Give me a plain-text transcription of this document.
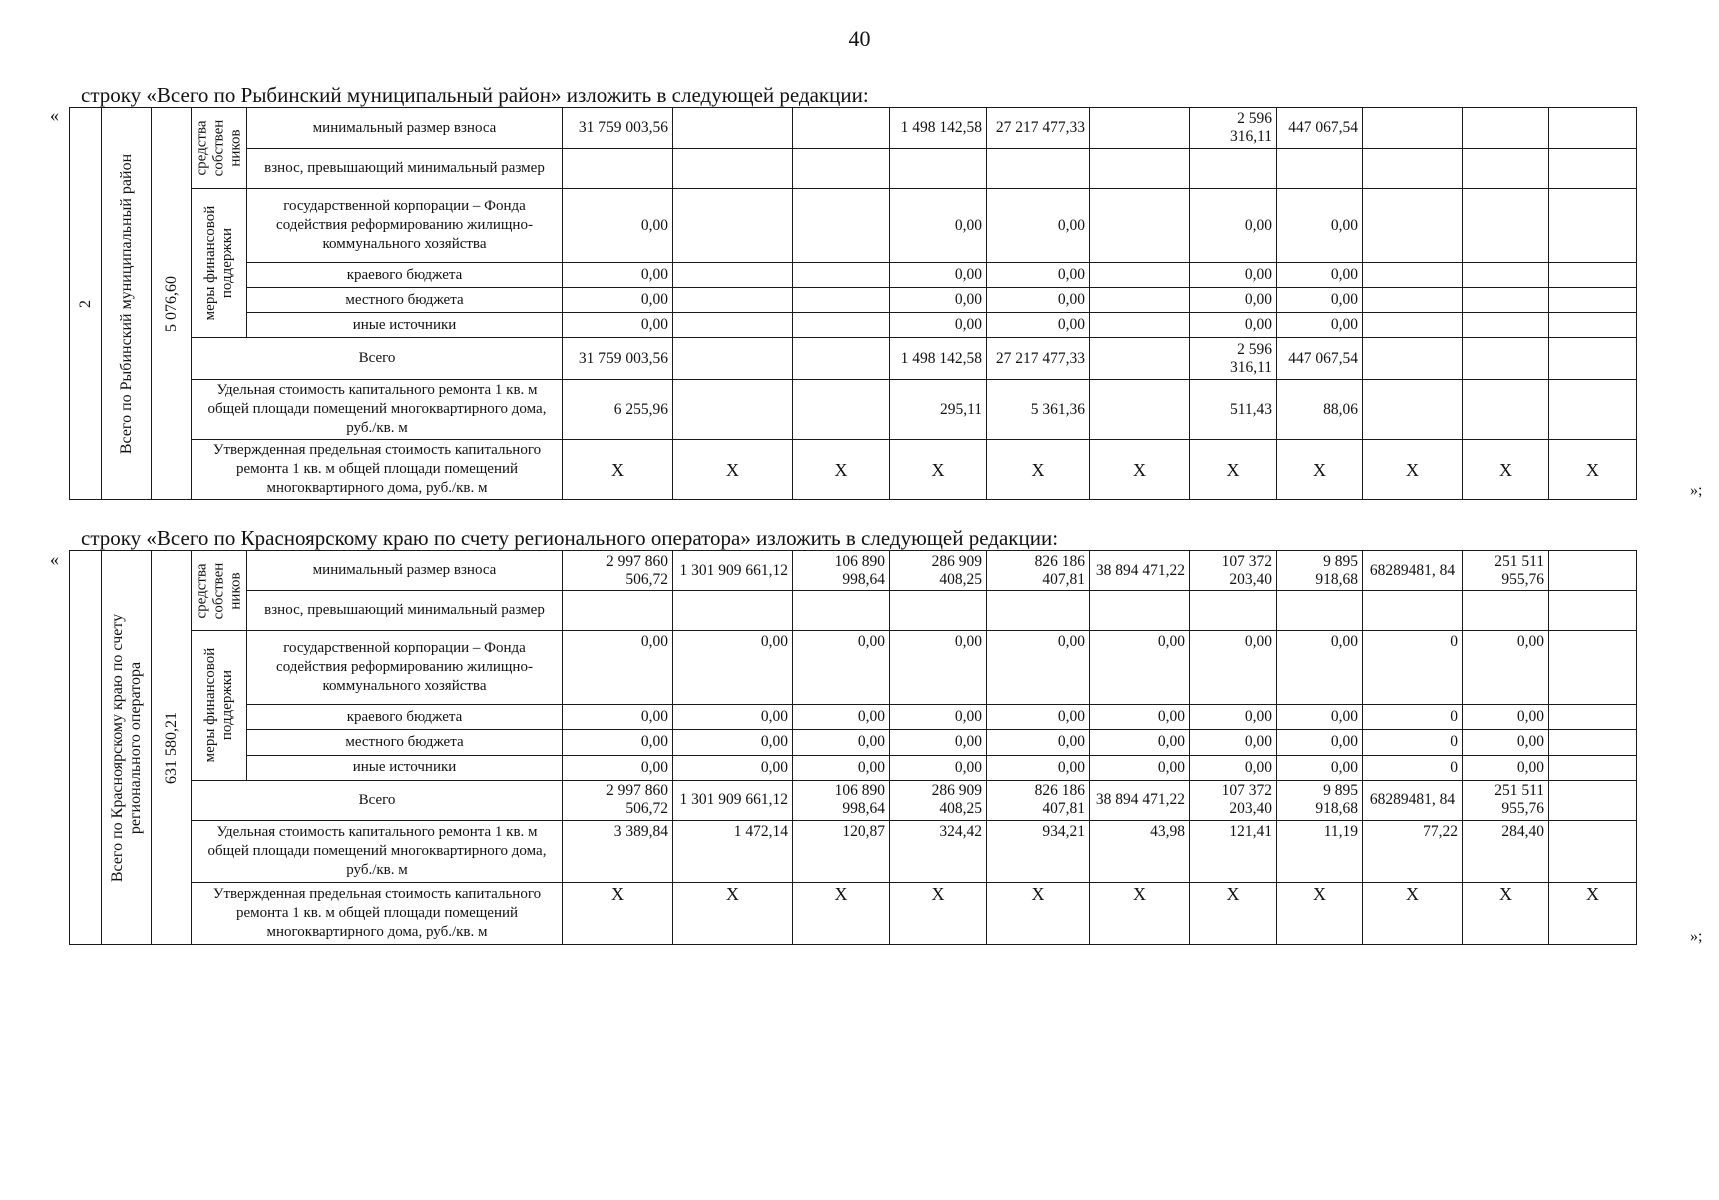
40
строку «Всего по Рыбинский муниципальный район» изложить в следующей редакции:
«
»;
2	Всего по Рыбинский муниципальный район	5 076,60	средства собствен ников	минимальный размер взноса	31 759 003,56			1 498 142,58	27 217 477,33		2 596 316,11	447 067,54			
				взнос, превышающий минимальный размер											

			меры финансовой поддержки	государственной корпорации – Фонда содействия реформированию жилищно-коммунального хозяйства	0,00			0,00	0,00		0,00	0,00			
				краевого бюджета	0,00			0,00	0,00		0,00	0,00			
				местного бюджета	0,00			0,00	0,00		0,00	0,00			
				иные источники	0,00			0,00	0,00		0,00	0,00			
			Всего		31 759 003,56			1 498 142,58	27 217 477,33		2 596 316,11	447 067,54			
			Удельная стоимость капитального ремонта 1 кв. м общей площади помещений многоквартирного дома, руб./кв. м		6 255,96			295,11	5 361,36		511,43	88,06			
			Утвержденная предельная стоимость капитального ремонта 1 кв. м общей площади помещений многоквартирного дома, руб./кв. м		X	X	X	X	X	X	X	X	X	X	X
строку «Всего по Красноярскому краю по счету регионального оператора» изложить в следующей редакции:
«
»;

	Всего по Красноярскому краю по счету регионального оператора	631 580,21	средства собствен ников	минимальный размер взноса	2 997 860 506,72	1 301 909 661,12	106 890 998,64	286 909 408,25	826 186 407,81	38 894 471,22	107 372 203,40	9 895 918,68	68289481, 84	251 511 955,76	
				взнос, превышающий минимальный размер											

			меры финансовой поддержки	государственной корпорации – Фонда содействия реформированию жилищно-коммунального хозяйства	0,00	0,00	0,00	0,00	0,00	0,00	0,00	0,00	0	0,00	
				краевого бюджета	0,00	0,00	0,00	0,00	0,00	0,00	0,00	0,00	0	0,00	
				местного бюджета	0,00	0,00	0,00	0,00	0,00	0,00	0,00	0,00	0	0,00	
				иные источники	0,00	0,00	0,00	0,00	0,00	0,00	0,00	0,00	0	0,00	
			Всего		2 997 860 506,72	1 301 909 661,12	106 890 998,64	286 909 408,25	826 186 407,81	38 894 471,22	107 372 203,40	9 895 918,68	68289481, 84	251 511 955,76	
			Удельная стоимость капитального ремонта 1 кв. м общей площади помещений многоквартирного дома, руб./кв. м		3 389,84	1 472,14	120,87	324,42	934,21	43,98	121,41	11,19	77,22	284,40	
			Утвержденная предельная стоимость капитального ремонта 1 кв. м общей площади помещений многоквартирного дома, руб./кв. м		X	X	X	X	X	X	X	X	X	X	X
